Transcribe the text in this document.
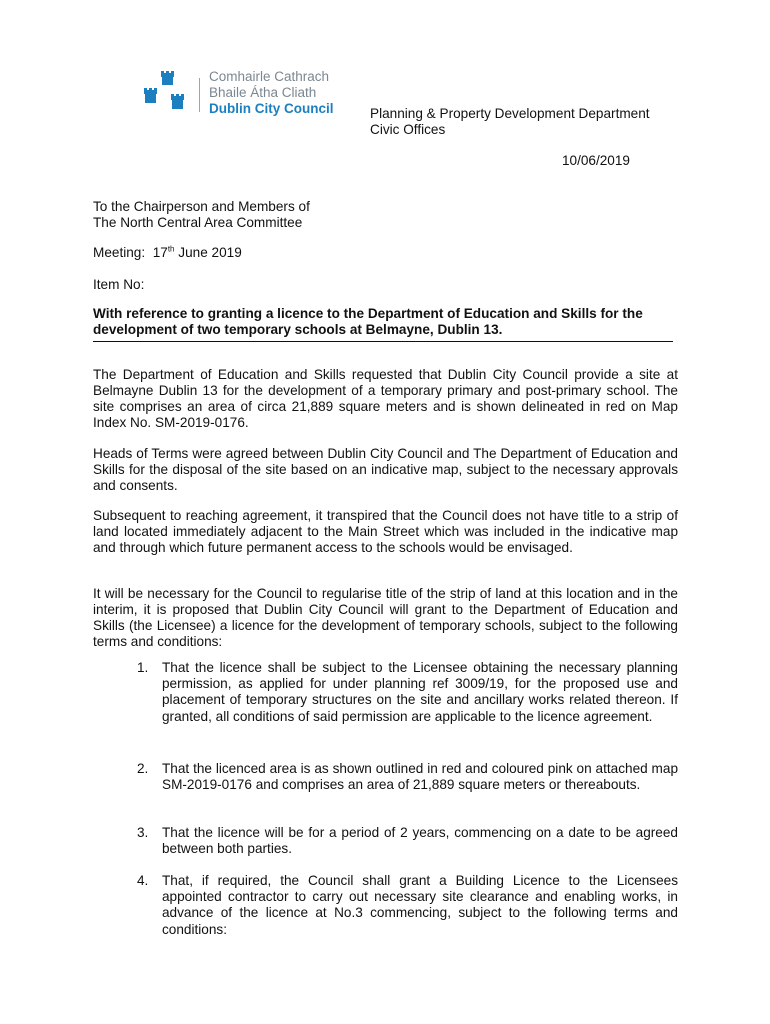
Comhairle Cathrach
Bhaile Átha Cliath
Dublin City Council	Planning & Property Development Department
Civic Offices
10/06/2019
To the Chairperson and Members of
The North Central Area Committee
Meeting: 17th June 2019
Item No:
With reference to granting a licence to the Department of Education and Skills for the development of two temporary schools at Belmayne, Dublin 13.
The Department of Education and Skills requested that Dublin City Council provide a site at Belmayne Dublin 13 for the development of a temporary primary and post-primary school. The site comprises an area of circa 21,889 square meters and is shown delineated in red on Map Index No. SM-2019-0176.
Heads of Terms were agreed between Dublin City Council and The Department of Education and Skills for the disposal of the site based on an indicative map, subject to the necessary approvals and consents.
Subsequent to reaching agreement, it transpired that the Council does not have title to a strip of land located immediately adjacent to the Main Street which was included in the indicative map and through which future permanent access to the schools would be envisaged.
It will be necessary for the Council to regularise title of the strip of land at this location and in the interim, it is proposed that Dublin City Council will grant to the Department of Education and Skills (the Licensee) a licence for the development of temporary schools, subject to the following terms and conditions:
1. That the licence shall be subject to the Licensee obtaining the necessary planning permission, as applied for under planning ref 3009/19, for the proposed use and placement of temporary structures on the site and ancillary works related thereon. If granted, all conditions of said permission are applicable to the licence agreement.
2. That the licenced area is as shown outlined in red and coloured pink on attached map SM-2019-0176 and comprises an area of 21,889 square meters or thereabouts.
3. That the licence will be for a period of 2 years, commencing on a date to be agreed between both parties.
4. That, if required, the Council shall grant a Building Licence to the Licensees appointed contractor to carry out necessary site clearance and enabling works, in advance of the licence at No.3 commencing, subject to the following terms and conditions:
